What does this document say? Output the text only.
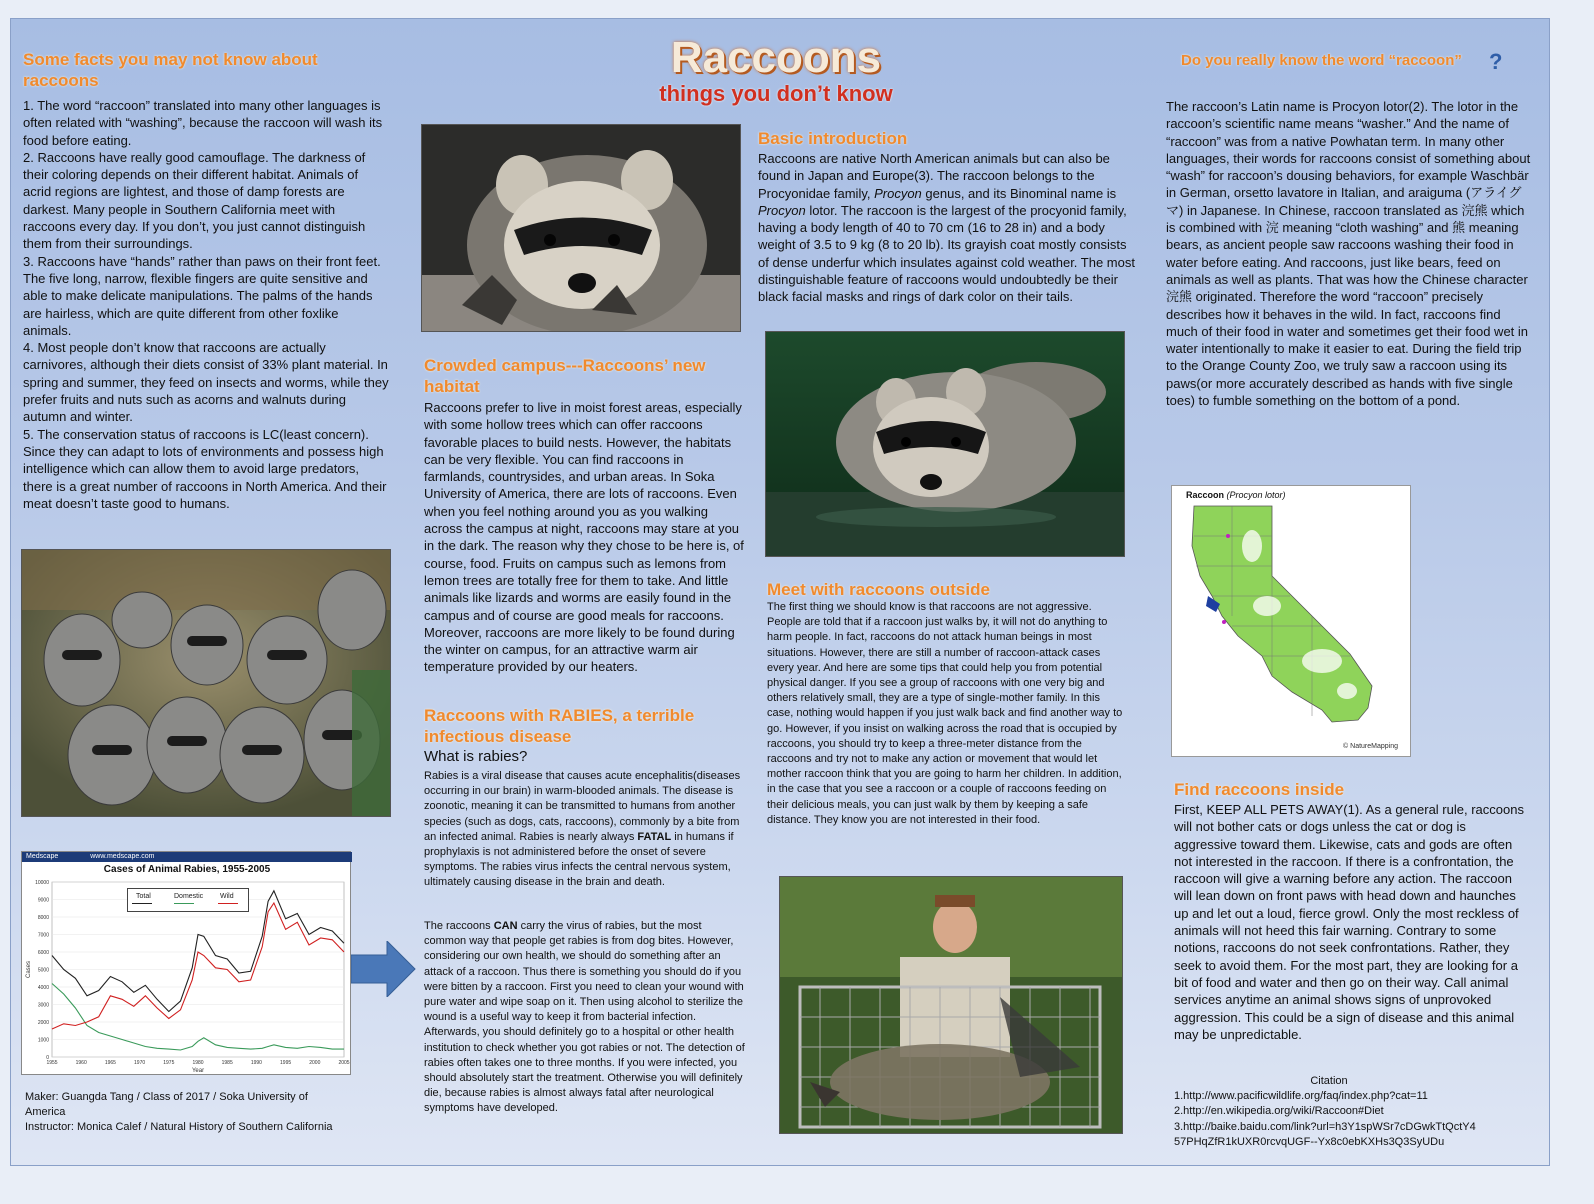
Raccoons
things you don’t know
Some facts you may not know about raccoons

1. The word “raccoon” translated into many other languages is often related with “washing”, because the raccoon will wash its food before eating.

2. Raccoons have really good camouflage. The darkness of their coloring depends on their different habitat. Animals of acrid regions are lightest, and those of damp forests are darkest. Many people in Southern California meet with raccoons every day. If you don’t, you just cannot distinguish them from their surroundings.

3. Raccoons have “hands” rather than paws on their front feet. The five long, narrow, flexible fingers are quite sensitive and able to make delicate manipulations. The palms of the hands are hairless, which are quite different from other foxlike animals.

4. Most people don’t know that raccoons are actually carnivores, although their diets consist of 33% plant material. In spring and summer, they feed on insects and worms, while they prefer fruits and nuts such as acorns and walnuts during autumn and winter.

5. The conservation status of raccoons is LC(least concern). Since they can adapt to lots of environments and possess high intelligence which can allow them to avoid large predators, there is a great number of raccoons in North America. And their meat doesn’t taste good to humans.

Medscape	www.medscape.com
Cases of Animal Rabies, 1955-2005
0
1000
2000
3000
4000
5000
6000
7000
8000
9000
10000
1955	1960	1965	1970	1975	1980	1985	1990	1995	2000	2005
Year
Cases
Total	Domestic Wild

Maker: Guangda Tang / Class of 2017 / Soka University of America

Instructor: Monica Calef / Natural History of Southern California

Crowded campus---Raccoons’ new habitat
Raccoons prefer to live in moist forest areas, especially with some hollow trees which can offer raccoons favorable places to build nests. However, the habitats can be very flexible. You can find raccoons in farmlands, countrysides, and urban areas. In Soka University of America, there are lots of raccoons. Even when you feel nothing around you as you walking across the campus at night, raccoons may stare at you in the dark. The reason why they chose to be here is, of course, food. Fruits on campus such as lemons from lemon trees are totally free for them to take. And little animals like lizards and worms are easily found in the campus and of course are good meals for raccoons. Moreover, raccoons are more likely to be found during the winter on campus, for an attractive warm air temperature provided by our heaters.
Raccoons with RABIES, a terrible infectious disease
What is rabies?
Rabies is a viral disease that causes acute encephalitis(diseases occurring in our brain) in warm-blooded animals. The disease is zoonotic, meaning it can be transmitted to humans from another species (such as dogs, cats, raccoons), commonly by a bite from an infected animal. Rabies is nearly always FATAL in humans if prophylaxis is not administered before the onset of severe symptoms. The rabies virus infects the central nervous system, ultimately causing disease in the brain and death.
The raccoons CAN carry the virus of rabies, but the most common way that people get rabies is from dog bites. However, considering our own health, we should do something after an attack of a raccoon. Thus there is something you should do if you were bitten by a raccoon. First you need to clean your wound with pure water and wipe soap on it. Then using alcohol to sterilize the wound is a useful way to keep it from bacterial infection. Afterwards, you should definitely go to a hospital or other health institution to check whether you got rabies or not. The detection of rabies often takes one to three months. If you were infected, you should absolutely start the treatment. Otherwise you will definitely die, because rabies is almost always fatal after neurological symptoms have developed.
Basic introduction
Raccoons are native North American animals but can also be found in Japan and Europe(3). The raccoon belongs to the Procyonidae family, Procyon genus, and its Binominal name is Procyon lotor. The raccoon is the largest of the procyonid family, having a body length of 40 to 70 cm (16 to 28 in) and a body weight of 3.5 to 9 kg (8 to 20 lb). Its grayish coat mostly consists of dense underfur which insulates against cold weather. The most distinguishable feature of raccoons would undoubtedly be their black facial masks and rings of dark color on their tails.
Meet with raccoons outside
The first thing we should know is that raccoons are not aggressive. People are told that if a raccoon just walks by, it will not do anything to harm people. In fact, raccoons do not attack human beings in most situations. However, there are still a number of raccoon-attack cases every year. And here are some tips that could help you from potential physical danger. If you see a group of raccoons with one very big and others relatively small, they are a type of single-mother family. In this case, nothing would happen if you just walk back and find another way to go. However, if you insist on walking across the road that is occupied by raccoons, you should try to keep a three-meter distance from the raccoons and try not to make any action or movement that would let mother raccoon think that you are going to harm her children. In addition, in the case that you see a raccoon or a couple of raccoons feeding on their delicious meals, you can just walk by them by keeping a safe distance. They know you are not interested in their food.
Do you really know the word “raccoon”	?
The raccoon’s Latin name is Procyon lotor(2). The lotor in the raccoon’s scientific name means “washer.” And the name of “raccoon” was from a native Powhatan term. In many other languages, their words for raccoons consist of something about “wash” for raccoon’s dousing behaviors, for example Waschbär in German, orsetto lavatore in Italian, and araiguma (アライグマ) in Japanese. In Chinese, raccoon translated as 浣熊 which is combined with 浣 meaning “cloth washing” and 熊 meaning bears, as ancient people saw raccoons washing their food in water before eating. And raccoons, just like bears, feed on animals as well as plants. That was how the Chinese character浣熊 originated. Therefore the word “raccoon” precisely describes how it behaves in the wild. In fact, raccoons find much of their food in water and sometimes get their food wet in water intentionally to make it easier to eat. During the field trip to the Orange County Zoo, we truly saw a raccoon using its paws(or more accurately described as hands with five single toes) to fumble something on the bottom of a pond.
Raccoon (Procyon lotor)
© NatureMapping
Find raccoons inside
First, KEEP ALL PETS AWAY(1). As a general rule, raccoons will not bother cats or dogs unless the cat or dog is aggressive toward them. Likewise, cats and gods are often not interested in the raccoon. If there is a confrontation, the raccoon will give a warning before any action. The raccoon will lean down on front paws with head down and haunches up and let out a loud, fierce growl. Only the most reckless of animals will not heed this fair warning. Contrary to some notions, raccoons do not seek confrontations. Rather, they seek to avoid them. For the most part, they are looking for a bit of food and water and then go on their way. Call animal services anytime an animal shows signs of unprovoked aggression. This could be a sign of disease and this animal may be unpredictable.

Citation

1.http://www.pacificwildlife.org/faq/index.php?cat=11

2.http://en.wikipedia.org/wiki/Raccoon#Diet

3.http://baike.baidu.com/link?url=h3Y1spWSr7cDGwkTtQctY4

57PHqZfR1kUXR0rcvqUGF--Yx8c0ebKXHs3Q3SyUDu
